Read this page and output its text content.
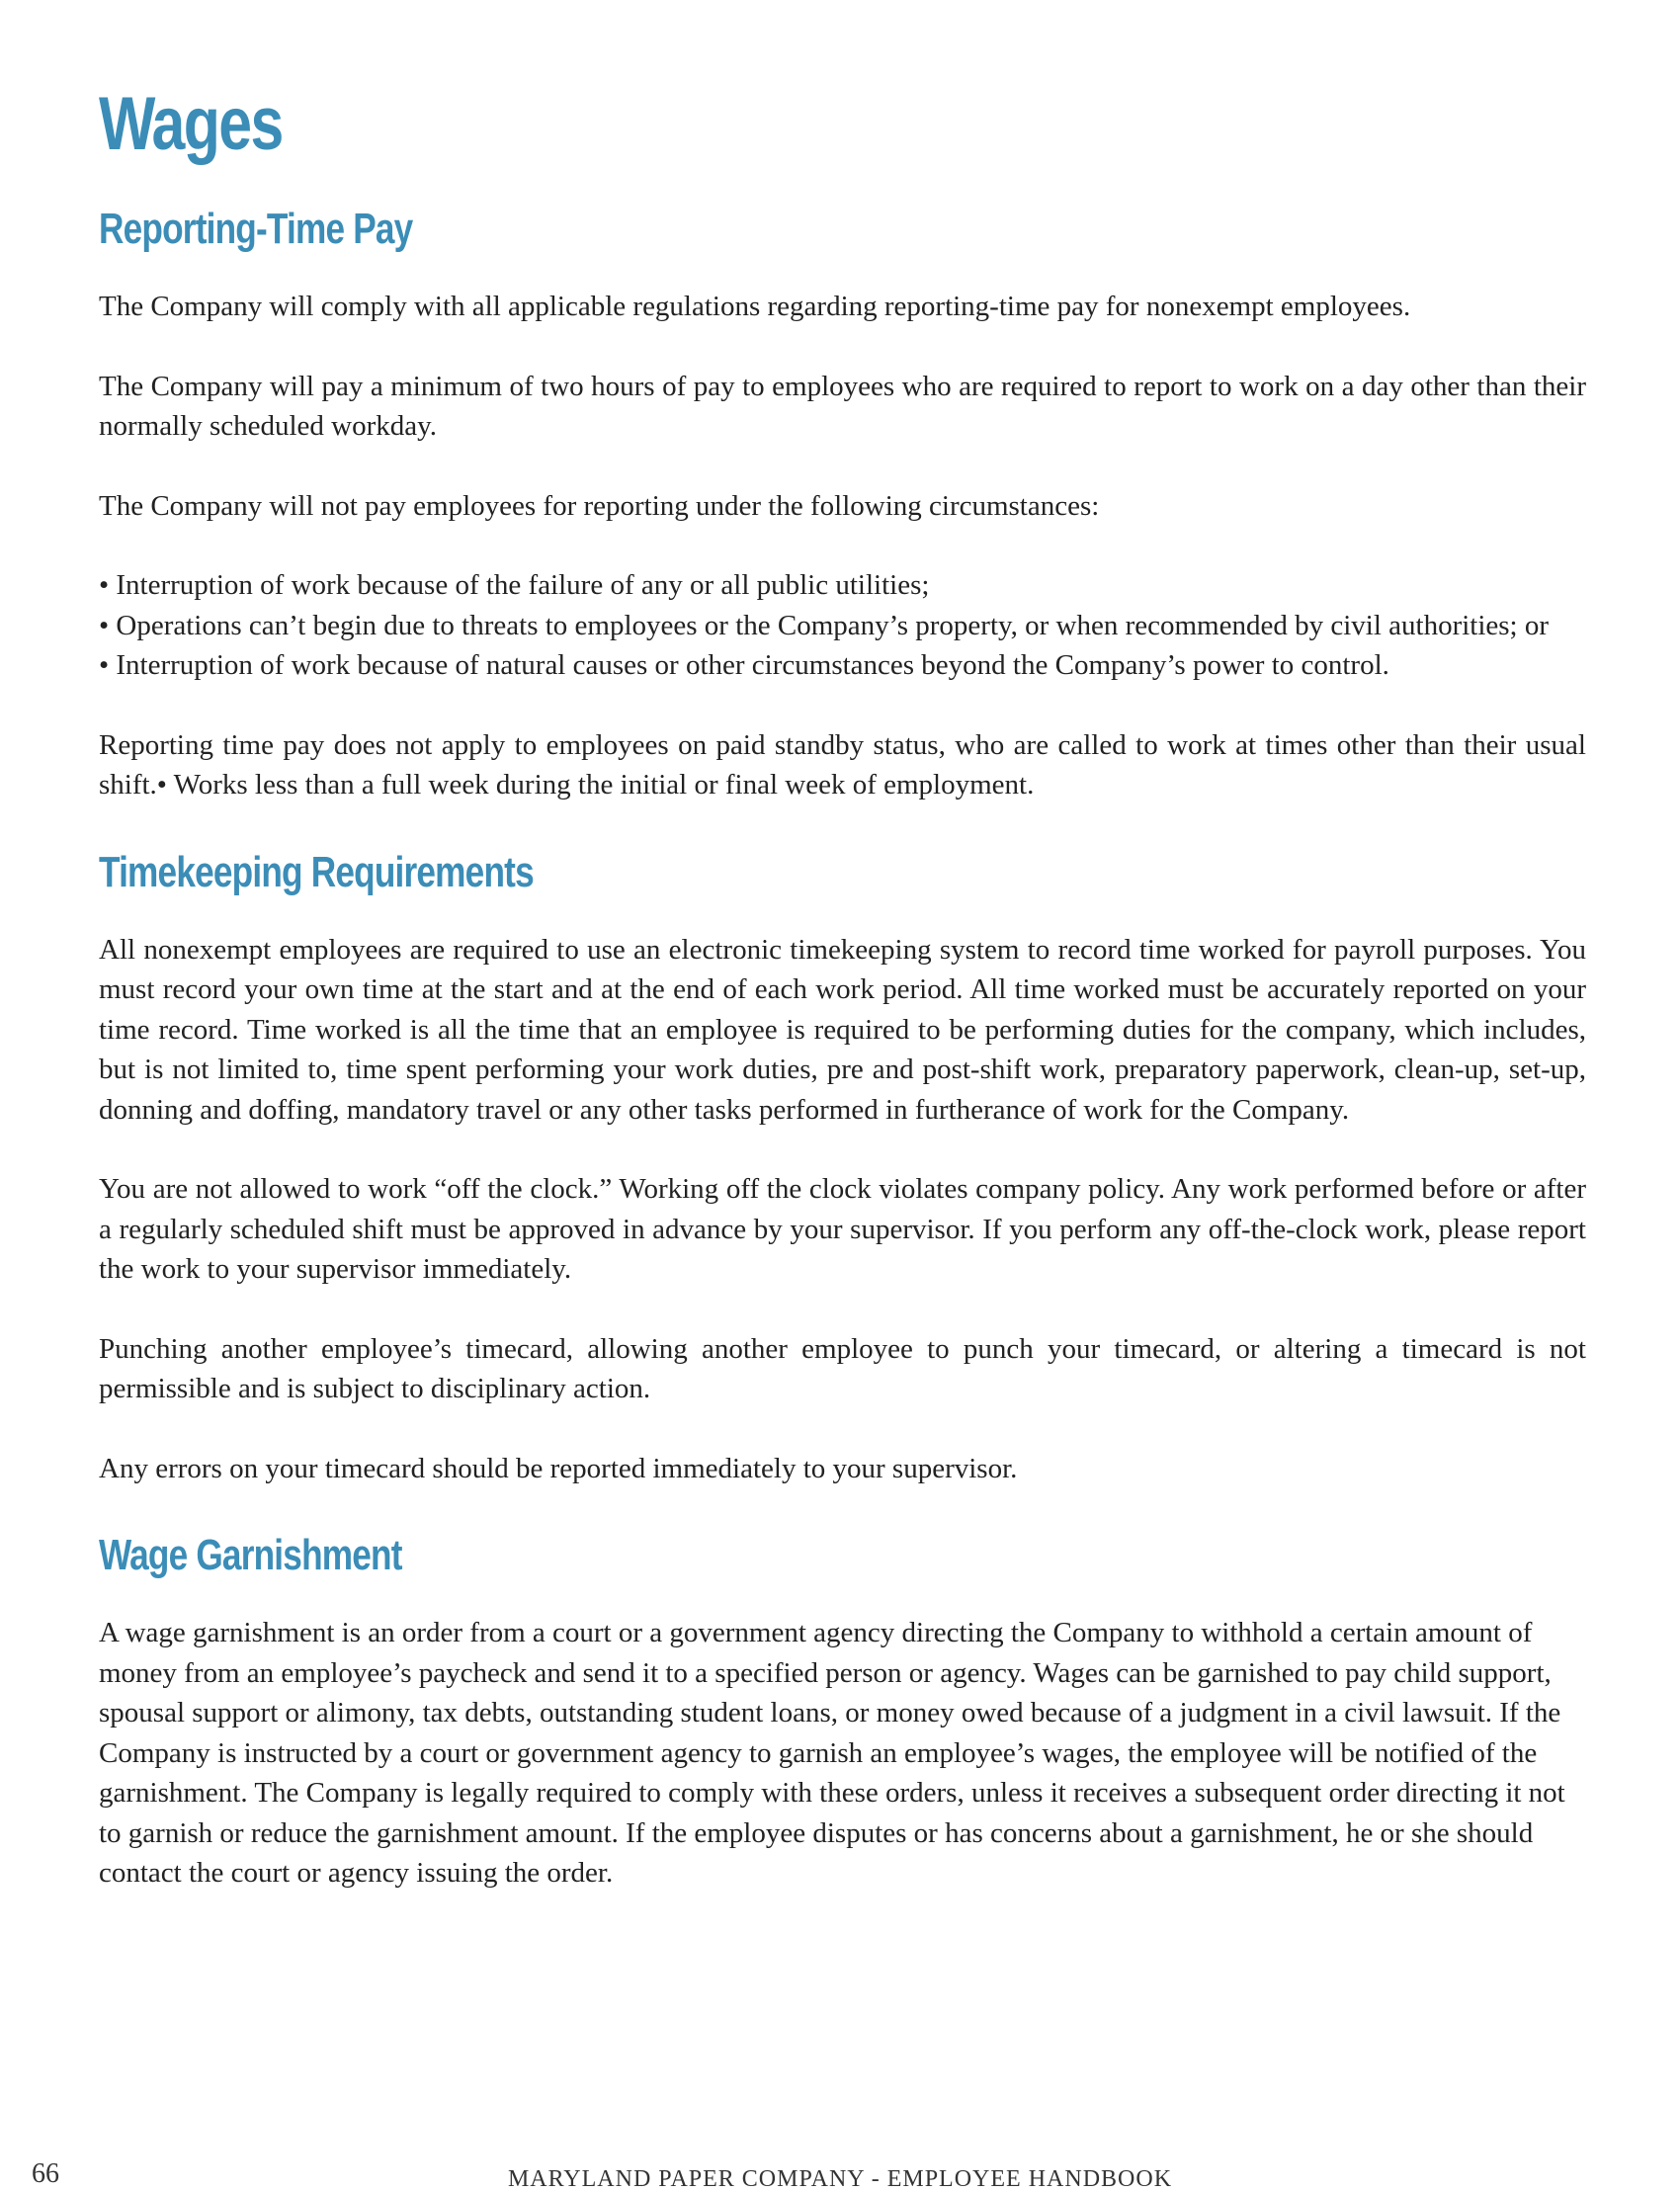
Wages
Reporting-Time Pay

The Company will comply with all applicable regulations regarding reporting-time pay for nonexempt employees.

The Company will pay a minimum of two hours of pay to employees who are required to report to work on a day other than their normally scheduled workday.

The Company will not pay employees for reporting under the following circumstances:

• Interruption of work because of the failure of any or all public utilities;
• Operations can’t begin due to threats to employees or the Company’s property, or when recommended by civil authorities; or
• Interruption of work because of natural causes or other circumstances beyond the Company’s power to control.

Reporting time pay does not apply to employees on paid standby status, who are called to work at times other than their usual shift.• Works less than a full week during the initial or final week of employment.

Timekeeping Requirements

All nonexempt employees are required to use an electronic timekeeping system to record time worked for payroll purposes. You must record your own time at the start and at the end of each work period. All time worked must be accurately reported on your time record. Time worked is all the time that an employee is required to be performing duties for the company, which includes, but is not limited to, time spent performing your work duties, pre and post-shift work, preparatory paperwork, clean-up, set-up, donning and doffing, mandatory travel or any other tasks performed in furtherance of work for the Company.

You are not allowed to work “off the clock.” Working off the clock violates company policy. Any work performed before or after a regularly scheduled shift must be approved in advance by your supervisor. If you perform any off-the-clock work, please report the work to your supervisor immediately.

Punching another employee’s timecard, allowing another employee to punch your timecard, or altering a timecard is not permissible and is subject to disciplinary action.

Any errors on your timecard should be reported immediately to your supervisor.

Wage Garnishment

A wage garnishment is an order from a court or a government agency directing the Company to withhold a certain amount of money from an employee’s paycheck and send it to a specified person or agency. Wages can be garnished to pay child support, spousal support or alimony, tax debts, outstanding student loans, or money owed because of a judgment in a civil lawsuit. If the Company is instructed by a court or government agency to garnish an employee’s wages, the employee will be notified of the garnishment. The Company is legally required to comply with these orders, unless it receives a subsequent order directing it not to garnish or reduce the garnishment amount. If the employee disputes or has concerns about a garnishment, he or she should contact the court or agency issuing the order.

66	MARYLAND PAPER COMPANY - EMPLOYEE HANDBOOK
